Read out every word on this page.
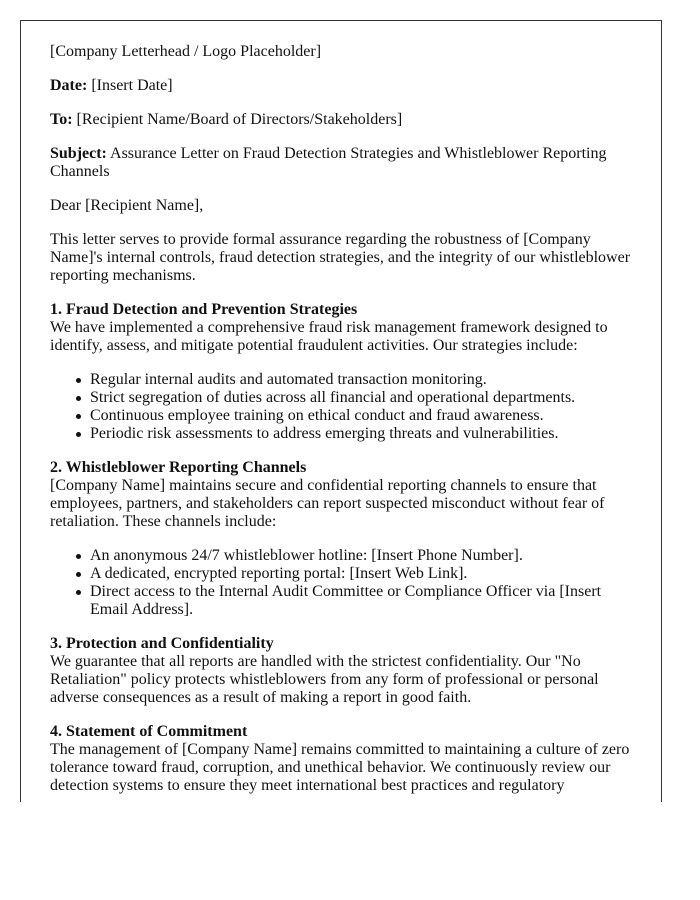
[Company Letterhead / Logo Placeholder]

Date: [Insert Date]

To: [Recipient Name/Board of Directors/Stakeholders]

Subject: Assurance Letter on Fraud Detection Strategies and Whistleblower Reporting Channels

Dear [Recipient Name],

This letter serves to provide formal assurance regarding the robustness of [Company Name]'s internal controls, fraud detection strategies, and the integrity of our whistleblower reporting mechanisms.

1. Fraud Detection and Prevention Strategies

We have implemented a comprehensive fraud risk management framework designed to identify, assess, and mitigate potential fraudulent activities. Our strategies include:

Regular internal audits and automated transaction monitoring.
Strict segregation of duties across all financial and operational departments.
Continuous employee training on ethical conduct and fraud awareness.
Periodic risk assessments to address emerging threats and vulnerabilities.
2. Whistleblower Reporting Channels

[Company Name] maintains secure and confidential reporting channels to ensure that employees, partners, and stakeholders can report suspected misconduct without fear of retaliation. These channels include:

An anonymous 24/7 whistleblower hotline: [Insert Phone Number].
A dedicated, encrypted reporting portal: [Insert Web Link].
Direct access to the Internal Audit Committee or Compliance Officer via [Insert Email Address].
3. Protection and Confidentiality

We guarantee that all reports are handled with the strictest confidentiality. Our "No Retaliation" policy protects whistleblowers from any form of professional or personal adverse consequences as a result of making a report in good faith.

4. Statement of Commitment

The management of [Company Name] remains committed to maintaining a culture of zero tolerance toward fraud, corruption, and unethical behavior. We continuously review our detection systems to ensure they meet international best practices and regulatory
